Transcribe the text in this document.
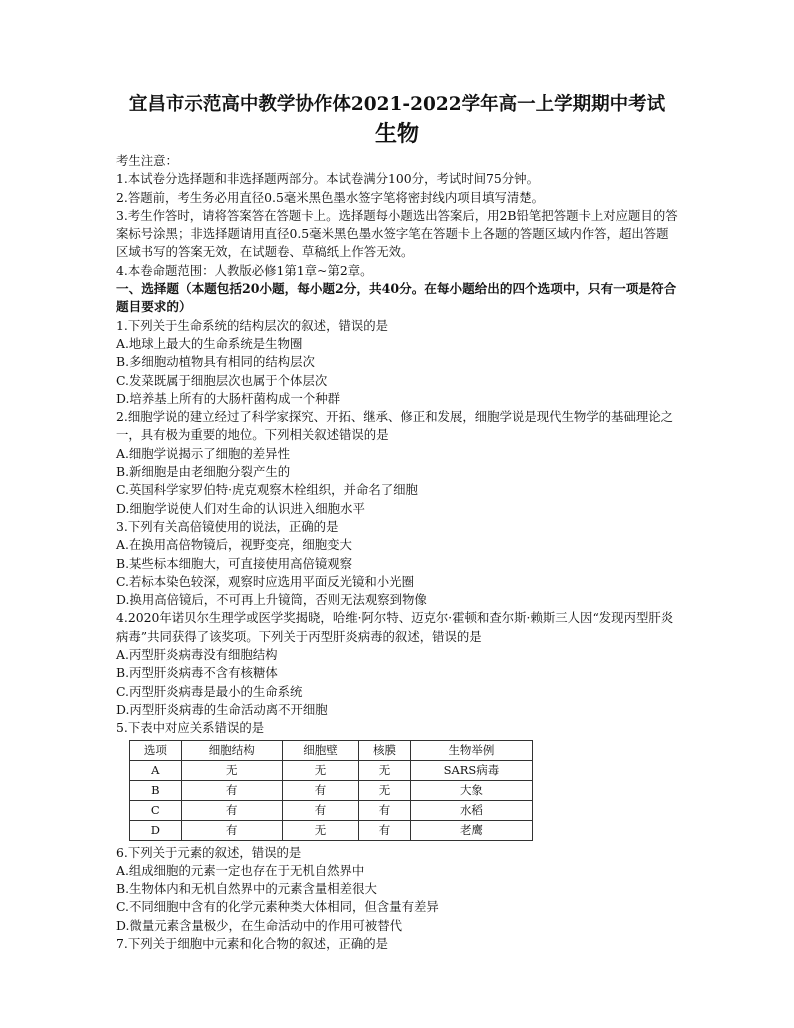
宜昌市示范高中教学协作体2021-2022学年高一上学期期中考试
生物
考生注意：
1.本试卷分选择题和非选择题两部分。本试卷满分100分，考试时间75分钟。
2.答题前，考生务必用直径0.5毫米黑色墨水签字笔将密封线内项目填写清楚。
3.考生作答时，请将答案答在答题卡上。选择题每小题选出答案后，用2B铅笔把答题卡上对应题目的答案标号涂黑；非选择题请用直径0.5毫米黑色墨水签字笔在答题卡上各题的答题区域内作答，超出答题区域书写的答案无效，在试题卷、草稿纸上作答无效。
4.本卷命题范围：人教版必修1第1章~第2章。
一、选择题（本题包括20小题，每小题2分，共40分。在每小题给出的四个选项中，只有一项是符合题目要求的）
1.下列关于生命系统的结构层次的叙述，错误的是
A.地球上最大的生命系统是生物圈
B.多细胞动植物具有相同的结构层次
C.发菜既属于细胞层次也属于个体层次
D.培养基上所有的大肠杆菌构成一个种群
2.细胞学说的建立经过了科学家探究、开拓、继承、修正和发展，细胞学说是现代生物学的基础理论之一，具有极为重要的地位。下列相关叙述错误的是
A.细胞学说揭示了细胞的差异性
B.新细胞是由老细胞分裂产生的
C.英国科学家罗伯特·虎克观察木栓组织，并命名了细胞
D.细胞学说使人们对生命的认识进入细胞水平
3.下列有关高倍镜使用的说法，正确的是
A.在换用高倍物镜后，视野变亮，细胞变大
B.某些标本细胞大，可直接使用高倍镜观察
C.若标本染色较深，观察时应选用平面反光镜和小光圈
D.换用高倍镜后，不可再上升镜筒，否则无法观察到物像
4.2020年诺贝尔生理学或医学奖揭晓，哈维·阿尔特、迈克尔·霍顿和查尔斯·赖斯三人因“发现丙型肝炎病毒”共同获得了该奖项。下列关于丙型肝炎病毒的叙述，错误的是
A.丙型肝炎病毒没有细胞结构
B.丙型肝炎病毒不含有核糖体
C.丙型肝炎病毒是最小的生命系统
D.丙型肝炎病毒的生命活动离不开细胞
5.下表中对应关系错误的是
选项	细胞结构	细胞壁	核膜	生物举例
A	无	无	无	SARS病毒
B	有	有	无	大象
C	有	有	有	水稻
D	有	无	有	老鹰
6.下列关于元素的叙述，错误的是
A.组成细胞的元素一定也存在于无机自然界中
B.生物体内和无机自然界中的元素含量相差很大
C.不同细胞中含有的化学元素种类大体相同，但含量有差异
D.微量元素含量极少，在生命活动中的作用可被替代
7.下列关于细胞中元素和化合物的叙述，正确的是
